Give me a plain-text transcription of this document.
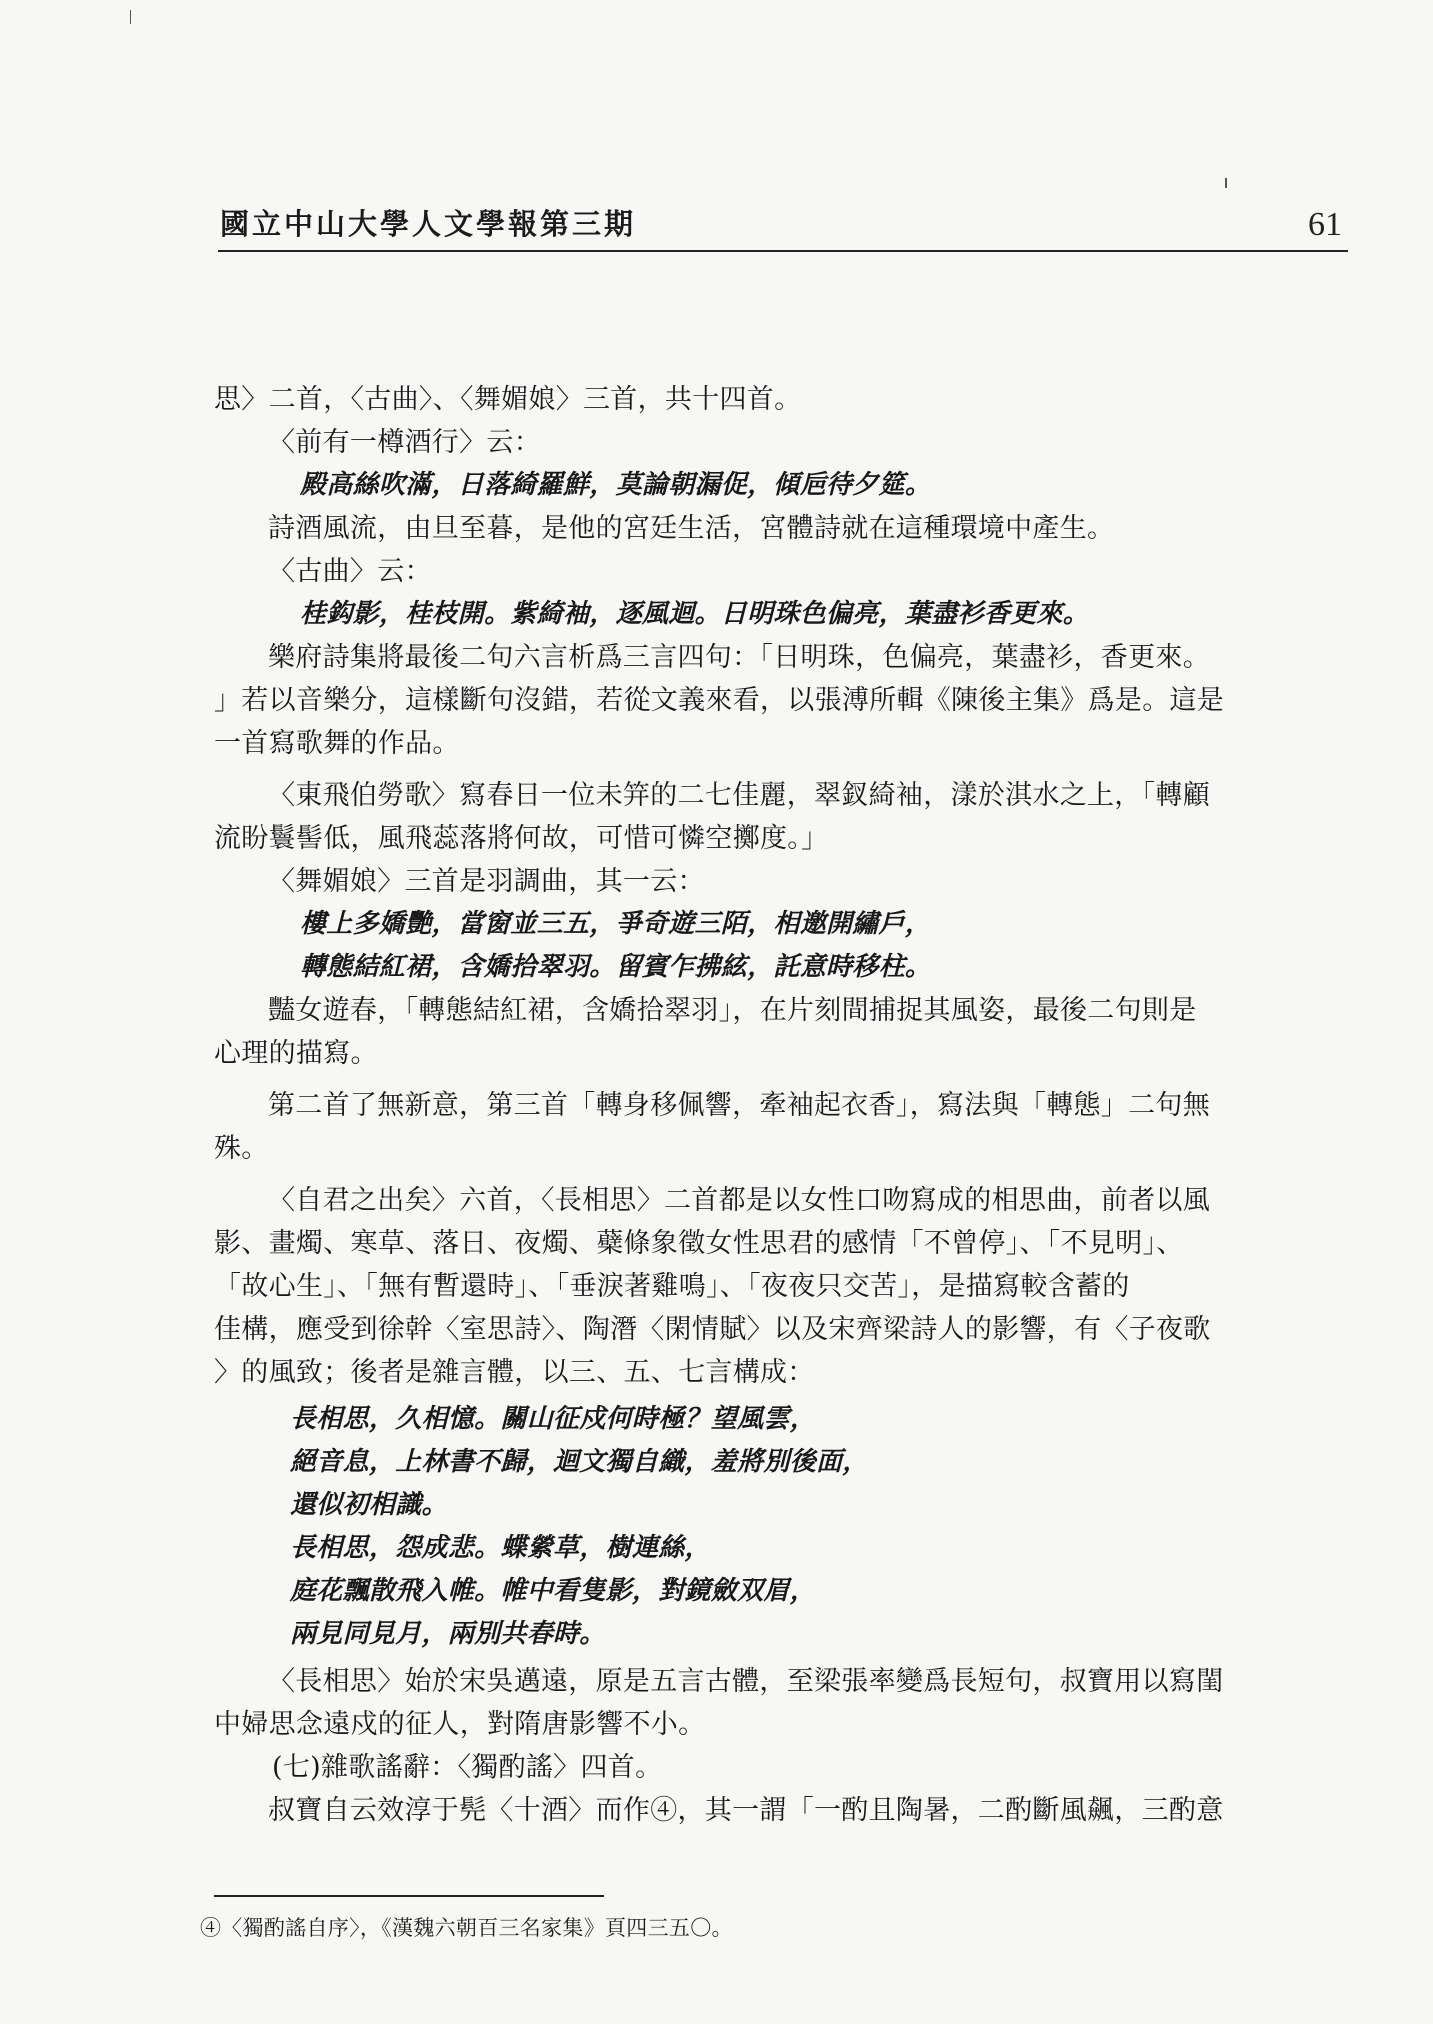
國立中山大學人文學報第三期	61
思〉二首，〈古曲〉、〈舞媚娘〉三首，共十四首。
〈前有一樽酒行〉云：
殿高絲吹滿，日落綺羅鮮，莫論朝漏促，傾巵待夕筵。
詩酒風流，由旦至暮，是他的宮廷生活，宮體詩就在這種環境中產生。
〈古曲〉云：
桂鈎影，桂枝開。紫綺袖，逐風迴。日明珠色偏亮，葉盡衫香更來。
樂府詩集將最後二句六言析爲三言四句：「日明珠，色偏亮，葉盡衫，香更來。
」若以音樂分，這樣斷句沒錯，若從文義來看，以張溥所輯《陳後主集》爲是。這是
一首寫歌舞的作品。
〈東飛伯勞歌〉寫春日一位未笄的二七佳麗，翠釵綺袖，漾於淇水之上，「轉顧
流盼鬟髻低，風飛蕊落將何故，可惜可憐空擲度。」
〈舞媚娘〉三首是羽調曲，其一云：
樓上多嬌艷，當窗並三五，爭奇遊三陌，相邀開繡戶，
轉態結紅裙，含嬌拾翠羽。留賓乍拂絃，託意時移柱。
豔女遊春，「轉態結紅裙，含嬌拾翠羽」，在片刻間捕捉其風姿，最後二句則是
心理的描寫。
第二首了無新意，第三首「轉身移佩響，牽袖起衣香」，寫法與「轉態」二句無
殊。
〈自君之出矣〉六首，〈長相思〉二首都是以女性口吻寫成的相思曲，前者以風
影、畫燭、寒草、落日、夜燭、蘗條象徵女性思君的感情「不曾停」、「不見明」、
「故心生」、「無有暫還時」、「垂淚著雞鳴」、「夜夜只交苦」，是描寫較含蓄的
佳構，應受到徐幹〈室思詩〉、陶潛〈閑情賦〉以及宋齊梁詩人的影響，有〈子夜歌
〉的風致；後者是雜言體，以三、五、七言構成：
長相思，久相憶。關山征戍何時極？望風雲，
絕音息，上林書不歸，迴文獨自織，羞將別後面，
還似初相識。
長相思，怨成悲。蝶縈草，樹連絲，
庭花飄散飛入帷。帷中看隻影，對鏡斂双眉，
兩見同見月，兩別共春時。
〈長相思〉始於宋吳邁遠，原是五言古體，至梁張率變爲長短句，叔寶用以寫閨
中婦思念遠戍的征人，對隋唐影響不小。
(七)雜歌謠辭：〈獨酌謠〉四首。
叔寶自云效淳于髡〈十酒〉而作④，其一謂「一酌且陶暑，二酌斷風飆，三酌意
④〈獨酌謠自序〉，《漢魏六朝百三名家集》頁四三五〇。
